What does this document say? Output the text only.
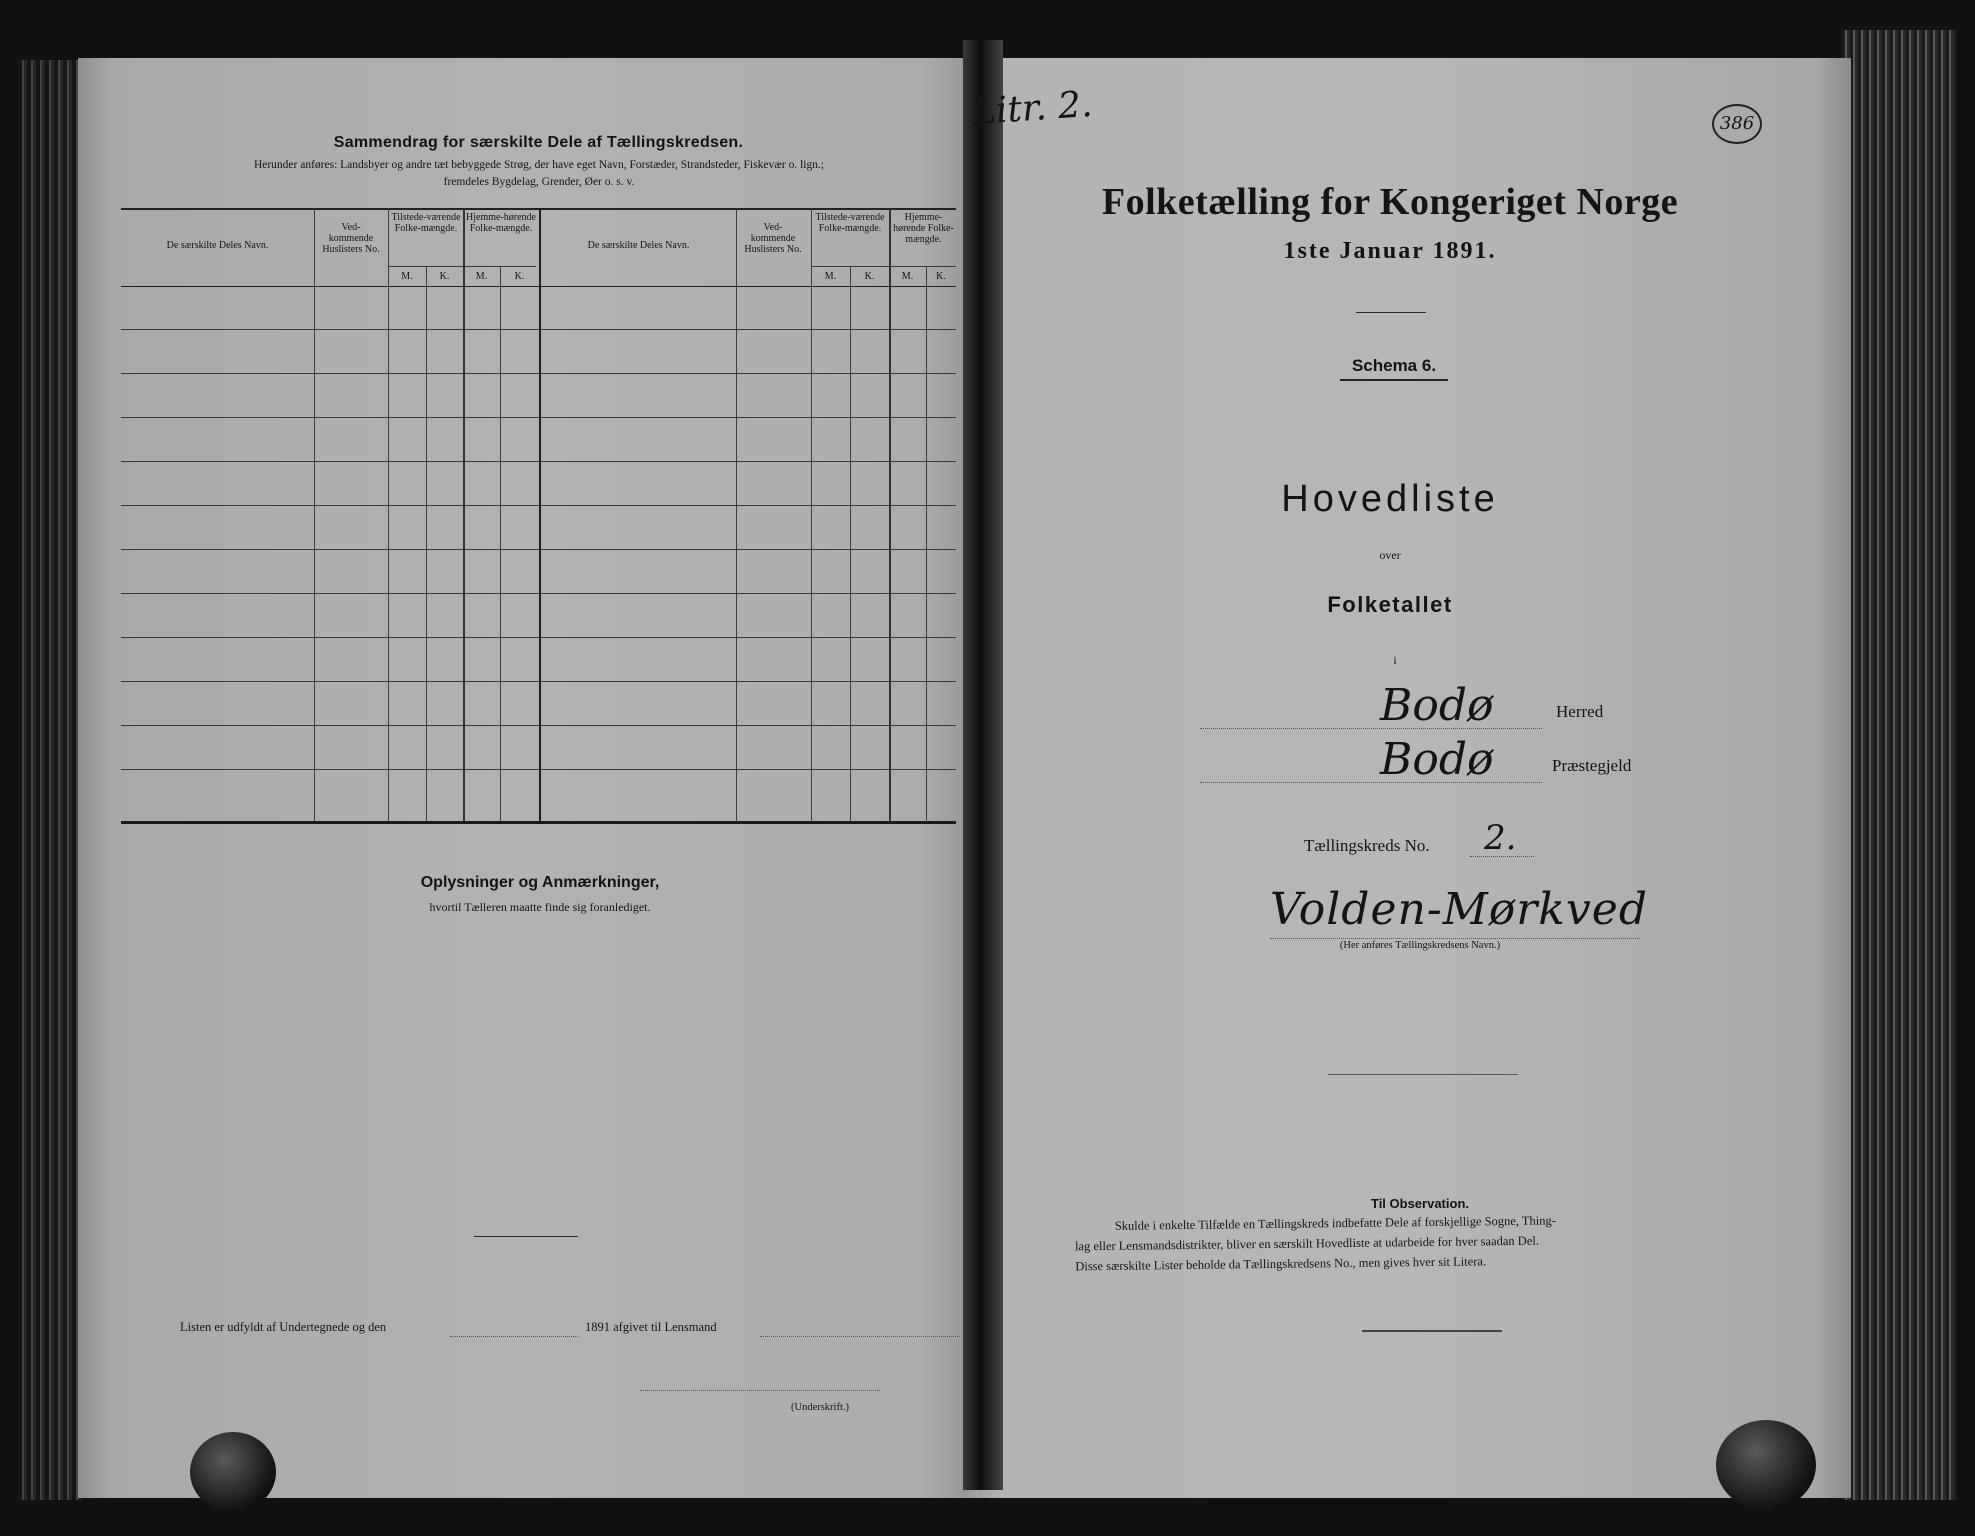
Sammendrag for særskilte Dele af Tællingskredsen.
Herunder anføres: Landsbyer og andre tæt bebyggede Strøg, der have eget Navn, Forstæder, Strandsteder, Fiskevær o. lign.;
fremdeles Bygdelag, Grender, Øer o. s. v.
De særskilte Deles Navn.
Ved-kommende Huslisters No.
Tilstede-værende Folke-mængde.
Hjemme-hørende Folke-mængde.
M.	K.	M.	K.
De særskilte Deles Navn.
Ved-kommende Huslisters No.
Tilstede-værende Folke-mængde.
Hjemme-hørende Folke-mængde.
M.	K.	M.	K.
Oplysninger og Anmærkninger,
hvortil Tælleren maatte finde sig foranlediget.
Listen er udfyldt af Undertegnede og den	1891 afgivet til Lensmand
(Underskrift.)
Litr. 2.	386
Folketælling for Kongeriget Norge
1ste Januar 1891.
Schema 6.
Hovedliste
over
Folketallet
i
Bodø	Herred
Bodø	Præstegjeld
Tællingskreds No. 2.
Volden-Mørkved
(Her anføres Tællingskredsens Navn.)
Til Observation.
Skulde i enkelte Tilfælde en Tællingskreds indbefatte Dele af forskjellige Sogne, Thing-
lag eller Lensmandsdistrikter, bliver en særskilt Hovedliste at udarbeide for hver saadan Del.
Disse særskilte Lister beholde da Tællingskredsens No., men gives hver sit Litera.
